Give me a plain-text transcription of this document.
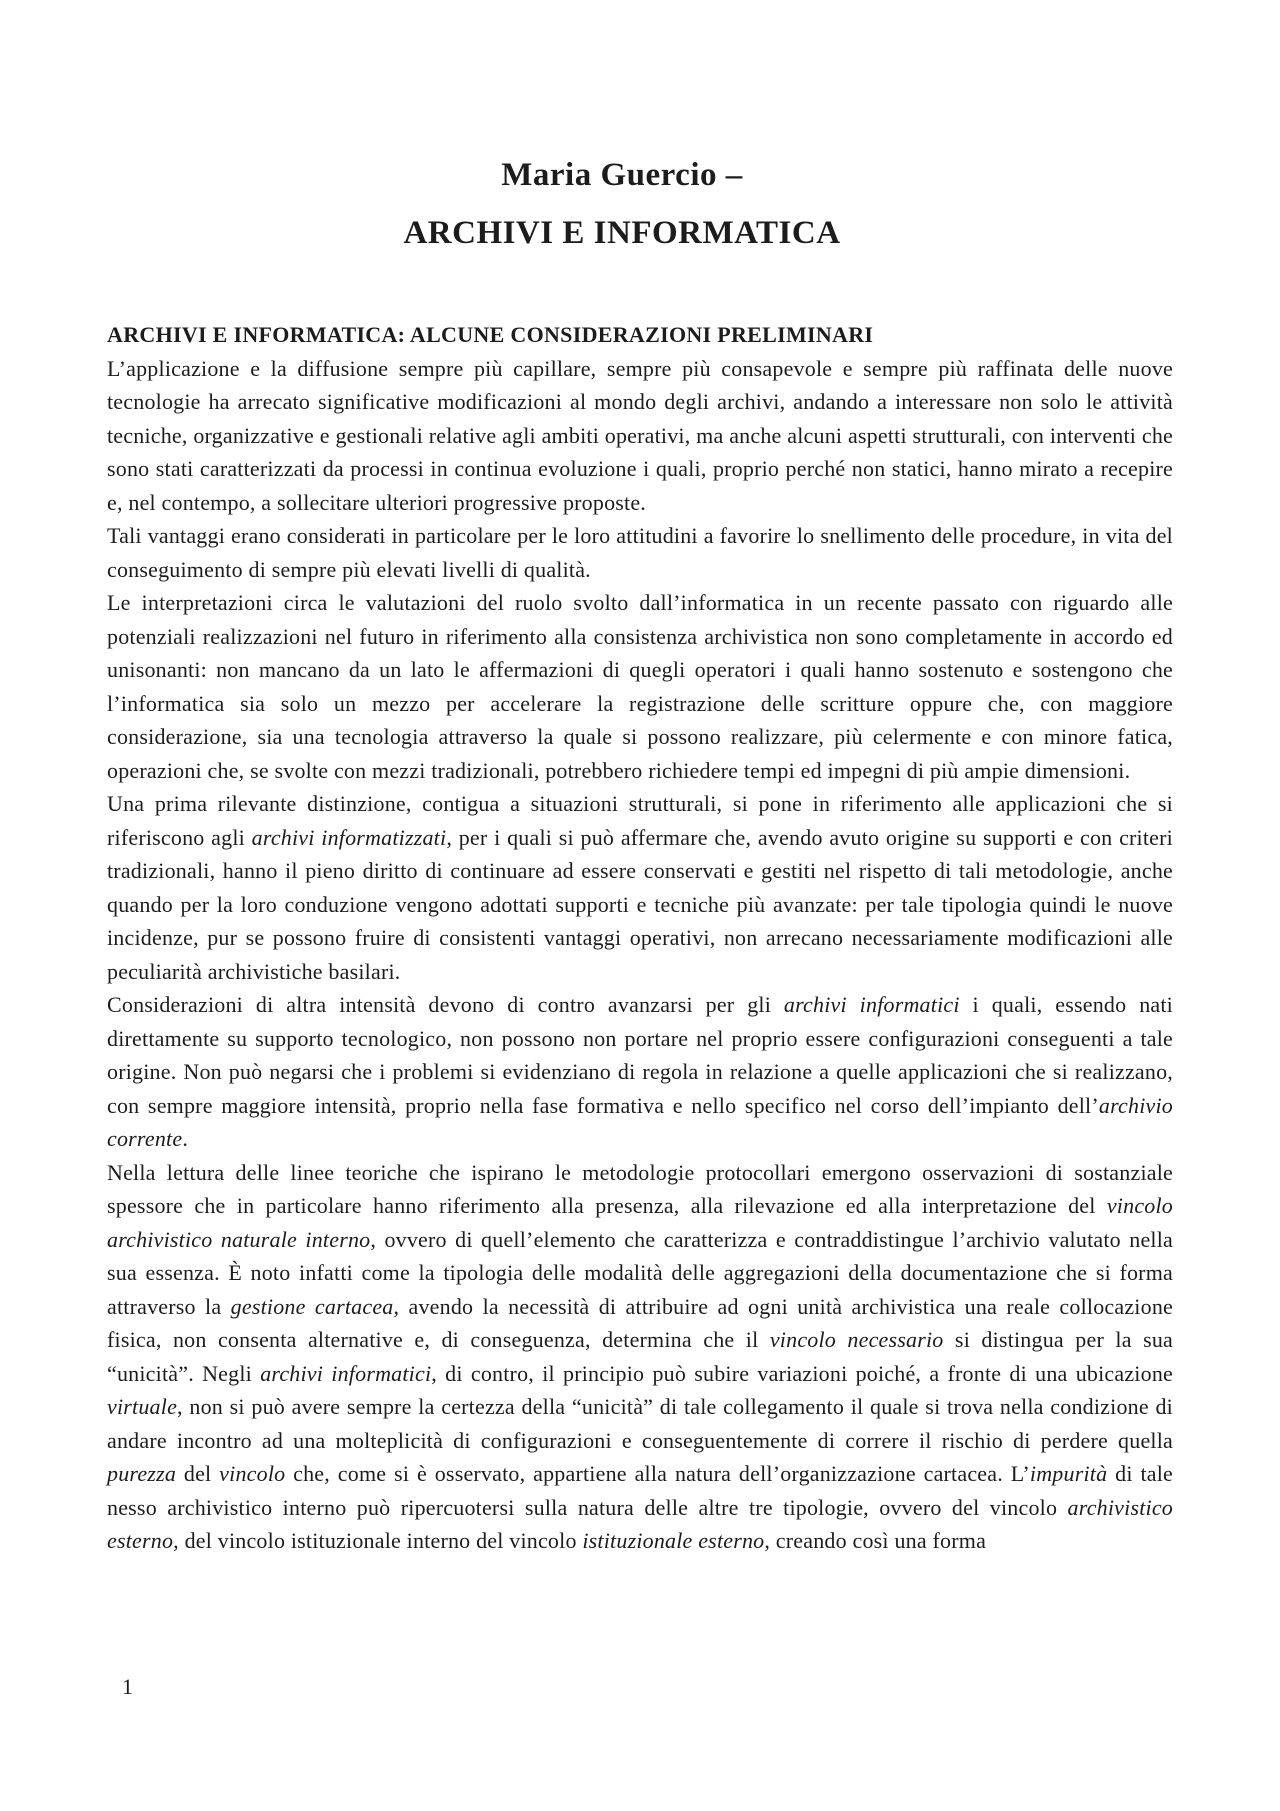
Maria Guercio –
ARCHIVI E INFORMATICA
ARCHIVI E INFORMATICA: ALCUNE CONSIDERAZIONI PRELIMINARI

L’applicazione e la diffusione sempre più capillare, sempre più consapevole e sempre più raffinata delle nuove tecnologie ha arrecato significative modificazioni al mondo degli archivi, andando a interessare non solo le attività tecniche, organizzative e gestionali relative agli ambiti operativi, ma anche alcuni aspetti strutturali, con interventi che sono stati caratterizzati da processi in continua evoluzione i quali, proprio perché non statici, hanno mirato a recepire e, nel contempo, a sollecitare ulteriori progressive proposte.

Tali vantaggi erano considerati in particolare per le loro attitudini a favorire lo snellimento delle procedure, in vita del conseguimento di sempre più elevati livelli di qualità.

Le interpretazioni circa le valutazioni del ruolo svolto dall’informatica in un recente passato con riguardo alle potenziali realizzazioni nel futuro in riferimento alla consistenza archivistica non sono completamente in accordo ed unisonanti: non mancano da un lato le affermazioni di quegli operatori i quali hanno sostenuto e sostengono che l’informatica sia solo un mezzo per accelerare la registrazione delle scritture oppure che, con maggiore considerazione, sia una tecnologia attraverso la quale si possono realizzare, più celermente e con minore fatica, operazioni che, se svolte con mezzi tradizionali, potrebbero richiedere tempi ed impegni di più ampie dimensioni.

Una prima rilevante distinzione, contigua a situazioni strutturali, si pone in riferimento alle applicazioni che si riferiscono agli archivi informatizzati, per i quali si può affermare che, avendo avuto origine su supporti e con criteri tradizionali, hanno il pieno diritto di continuare ad essere conservati e gestiti nel rispetto di tali metodologie, anche quando per la loro conduzione vengono adottati supporti e tecniche più avanzate: per tale tipologia quindi le nuove incidenze, pur se possono fruire di consistenti vantaggi operativi, non arrecano necessariamente modificazioni alle peculiarità archivistiche basilari.

Considerazioni di altra intensità devono di contro avanzarsi per gli archivi informatici i quali, essendo nati direttamente su supporto tecnologico, non possono non portare nel proprio essere configurazioni conseguenti a tale origine. Non può negarsi che i problemi si evidenziano di regola in relazione a quelle applicazioni che si realizzano, con sempre maggiore intensità, proprio nella fase formativa e nello specifico nel corso dell’impianto dell’archivio corrente.

Nella lettura delle linee teoriche che ispirano le metodologie protocollari emergono osservazioni di sostanziale spessore che in particolare hanno riferimento alla presenza, alla rilevazione ed alla interpretazione del vincolo archivistico naturale interno, ovvero di quell’elemento che caratterizza e contraddistingue l’archivio valutato nella sua essenza. È noto infatti come la tipologia delle modalità delle aggregazioni della documentazione che si forma attraverso la gestione cartacea, avendo la necessità di attribuire ad ogni unità archivistica una reale collocazione fisica, non consenta alternative e, di conseguenza, determina che il vincolo necessario si distingua per la sua “unicità”. Negli archivi informatici, di contro, il principio può subire variazioni poiché, a fronte di una ubicazione virtuale, non si può avere sempre la certezza della “unicità” di tale collegamento il quale si trova nella condizione di andare incontro ad una molteplicità di configurazioni e conseguentemente di correre il rischio di perdere quella purezza del vincolo che, come si è osservato, appartiene alla natura dell’organizzazione cartacea. L’impurità di tale nesso archivistico interno può ripercuotersi sulla natura delle altre tre tipologie, ovvero del vincolo archivistico esterno, del vincolo istituzionale interno del vincolo istituzionale esterno, creando così una forma

1
